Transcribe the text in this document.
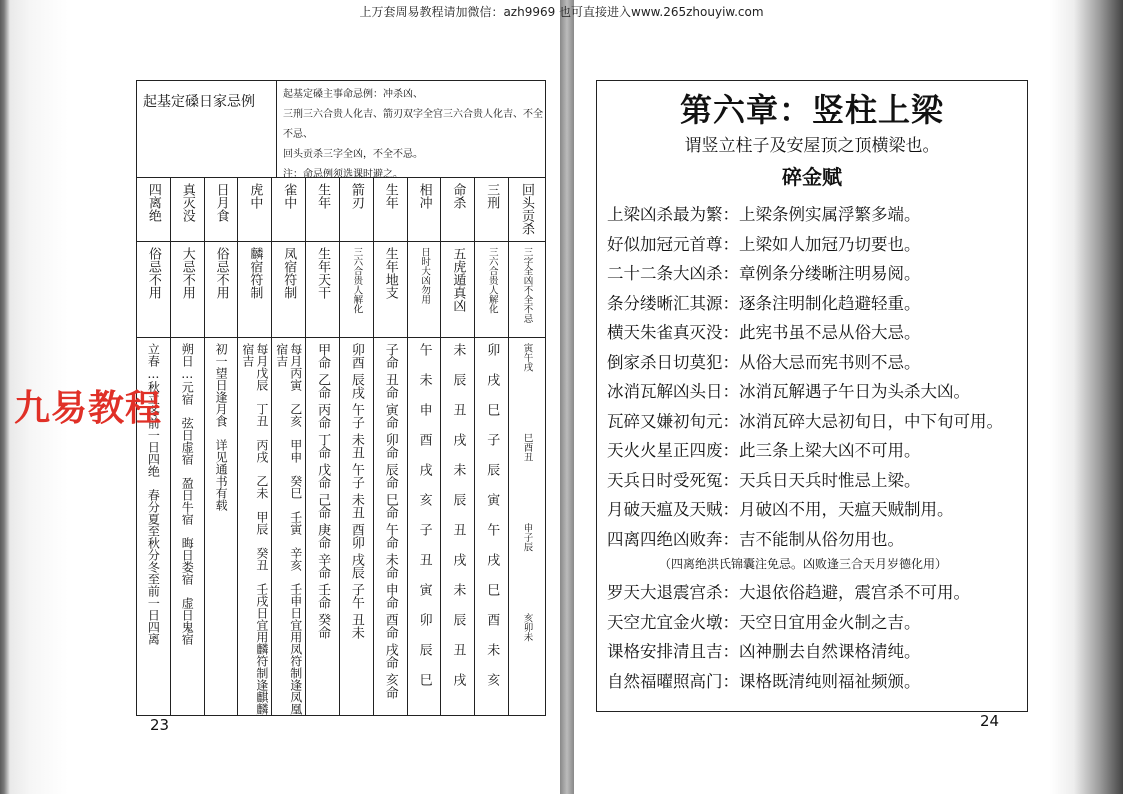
上万套周易教程请加微信：azh9969 也可直接进入www.265zhouyiw.com
起基定磉日家忌例	起基定磉主事命忌例：冲杀凶、
三刑三六合贵人化吉、箭刃双字全宫三六合贵人化吉、不全不忌、
回头贡杀三字全凶，不全不忌。
注：命忌例须选课时避之。
四离绝
俗忌不用
立春…秋立冬前一日四绝　春分夏至秋分冬至前一日四离
真灭没
大忌不用
朔日…元宿　弦日虚宿　盈日牛宿　晦日娄宿　虚日鬼宿
日月食
俗忌不用
初一望日逢月食　详见通书有载
虎中
麟宿符制
每月戊辰　丁丑　丙戌　乙未　甲辰　癸丑　壬戌日宜用麟符制逢麒麟宿吉
雀中
凤宿符制
每月丙寅　乙亥　甲申　癸巳　壬寅　辛亥　壬申日宜用凤符制逢凤凰宿吉
生年
生年天干
甲命
乙命
丙命
丁命
戊命
己命
庚命
辛命
壬命
癸命
箭刃
三六合贵人解化
卯酉
辰戌
午子
未丑
午子
未丑
酉卯
戌辰
子午
丑未
生年
生年地支
子命
丑命
寅命
卯命
辰命
巳命
午命
未命
申命
酉命
戌命
亥命
相冲
日时大凶勿用
午
未
申
酉
戌
亥
子
丑
寅
卯
辰
巳
命杀
五虎遁真凶
未
辰
丑
戌
未
辰
丑
戌
未
辰
丑
戌
三刑
三六合贵人解化
卯
戌
巳
子
辰
寅
午
戌
巳
酉
未
亥
回头贡杀
三字全凶不全不忌
寅午戌
巳酉丑
申子辰
亥卯未
23
九易教程
第六章：竖柱上梁
谓竖立柱子及安屋顶之顶横梁也。
碎金赋
上梁凶杀最为繁：上梁条例实属浮繁多端。
好似加冠元首尊：上梁如人加冠乃切要也。
二十二条大凶杀：章例条分缕晰注明易阅。
条分缕晰汇其源：逐条注明制化趋避轻重。
横天朱雀真灭没：此宪书虽不忌从俗大忌。
倒家杀日切莫犯：从俗大忌而宪书则不忌。
冰消瓦解凶头日：冰消瓦解遇子午日为头杀大凶。
瓦碎又嫌初旬元：冰消瓦碎大忌初旬日，中下旬可用。
天火火星正四废：此三条上梁大凶不可用。
天兵日时受死冤：天兵日天兵时惟忌上梁。
月破天瘟及天贼：月破凶不用，天瘟天贼制用。
四离四绝凶败奔：吉不能制从俗勿用也。
（四离绝洪氏锦囊注免忌。凶败逢三合天月岁德化用）
罗天大退震宫杀：大退依俗趋避，震宫杀不可用。
天空尤宜金火墩：天空日宜用金火制之吉。
课格安排清且吉：凶神删去自然课格清纯。
自然福曜照高门：课格既清纯则福祉频颁。
24
